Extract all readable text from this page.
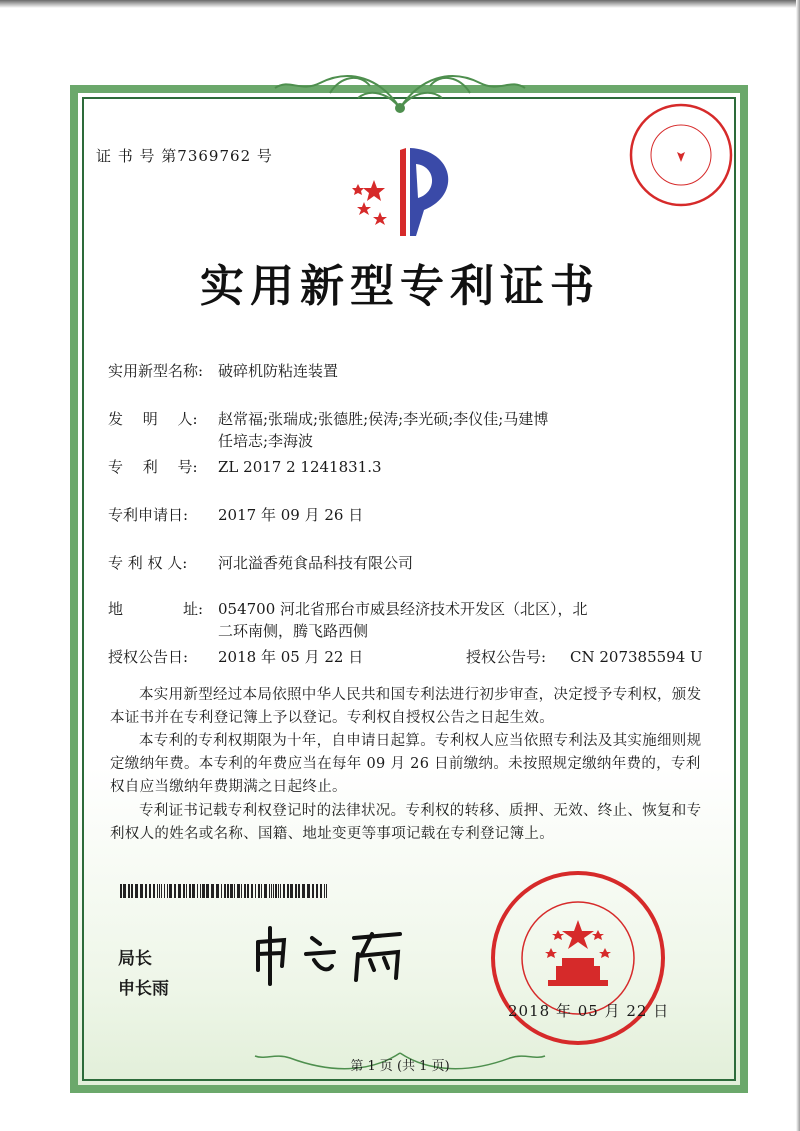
证 书 号 第7369762 号
实用新型专利证书
实用新型名称: 破碎机防粘连装置
发　 明　 人:	赵常福;张瑞成;张德胜;侯涛;李光硕;李仪佳;马建博
任培志;李海波
专　 利　 号:	ZL 2017 2 1241831.3
专利申请日:	2017 年 09 月 26 日
专 利 权 人:	河北溢香苑食品科技有限公司
地　　　　址: 054700 河北省邢台市威县经济技术开发区（北区），北
二环南侧，腾飞路西侧
授权公告日:	2018 年 05 月 22 日	授权公告号:	CN 207385594 U
本实用新型经过本局依照中华人民共和国专利法进行初步审查，决定授予专利权，颁发本证书并在专利登记簿上予以登记。专利权自授权公告之日起生效。
本专利的专利权期限为十年，自申请日起算。专利权人应当依照专利法及其实施细则规定缴纳年费。本专利的年费应当在每年 09 月 26 日前缴纳。未按照规定缴纳年费的，专利权自应当缴纳年费期满之日起终止。
专利证书记载专利权登记时的法律状况。专利权的转移、质押、无效、终止、恢复和专利权人的姓名或名称、国籍、地址变更等事项记载在专利登记簿上。
局长
申长雨
2018 年 05 月 22 日
第 1 页 (共 1 页)
